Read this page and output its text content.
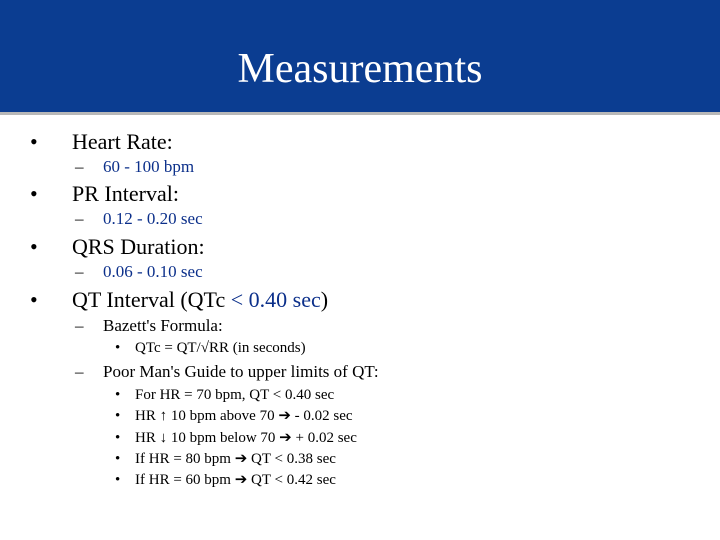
Measurements
• Heart Rate:
– 60 - 100 bpm
• PR Interval:
– 0.12 - 0.20 sec
• QRS Duration:
– 0.06 - 0.10 sec
• QT Interval (QTc < 0.40 sec)
– Bazett's Formula:
• QTc = QT/√RR (in seconds)
– Poor Man's Guide to upper limits of QT:
• For HR = 70 bpm, QT < 0.40 sec
• HR ↑ 10 bpm above 70 ➔ - 0.02 sec
• HR ↓ 10 bpm below 70 ➔ + 0.02 sec
• If HR = 80 bpm ➔ QT < 0.38 sec
• If HR = 60 bpm ➔ QT < 0.42 sec
